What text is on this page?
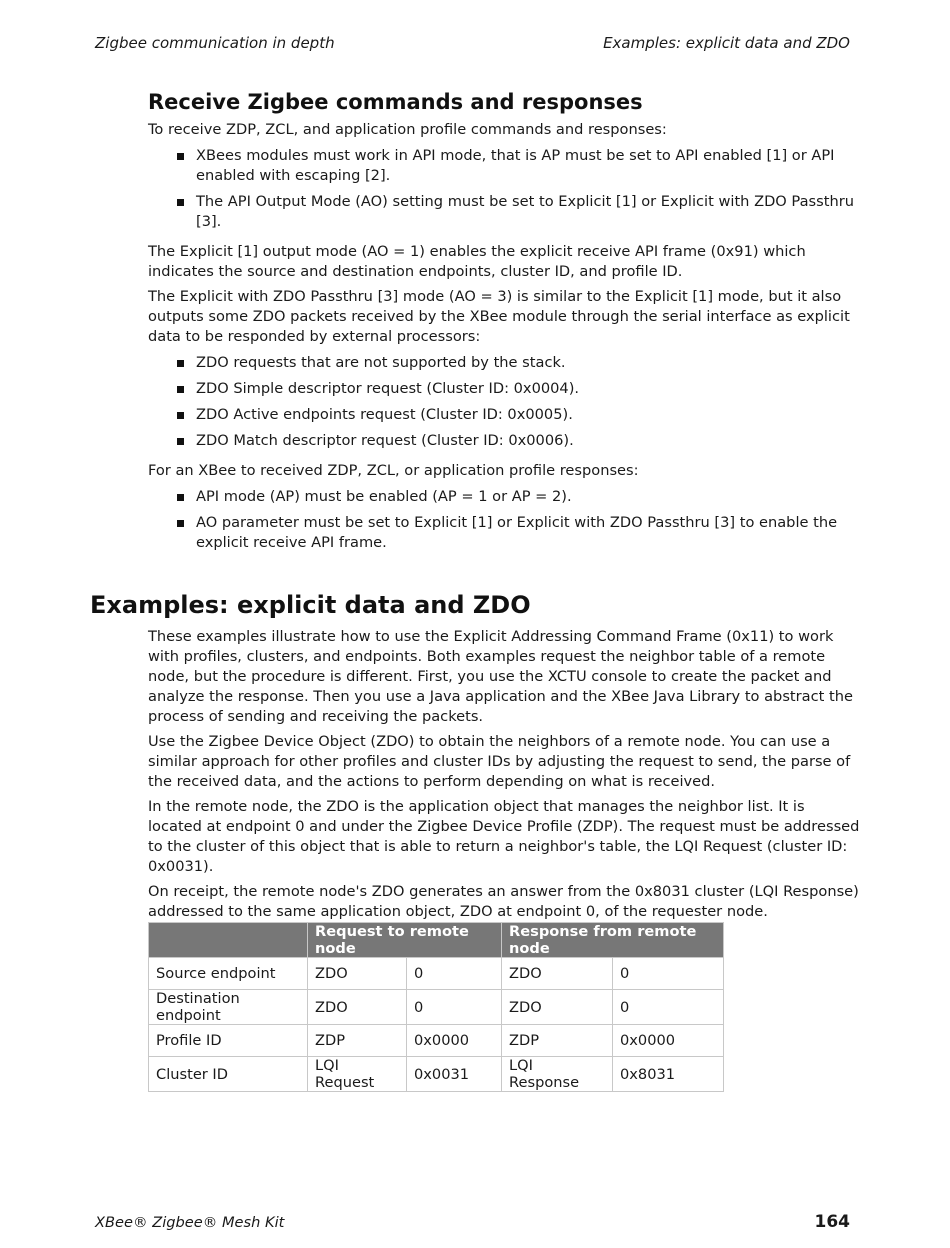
Zigbee communication in depth	Examples: explicit data and ZDO
Receive Zigbee commands and responses

To receive ZDP, ZCL, and application profile commands and responses:

XBees modules must work in API mode, that is AP must be set to API enabled [1] or API enabled with escaping [2].
The API Output Mode (AO) setting must be set to Explicit [1] or Explicit with ZDO Passthru [3].

The Explicit [1] output mode (AO = 1) enables the explicit receive API frame (0x91) which indicates the source and destination endpoints, cluster ID, and profile ID.

The Explicit with ZDO Passthru [3] mode (AO = 3) is similar to the Explicit [1] mode, but it also outputs some ZDO packets received by the XBee module through the serial interface as explicit data to be responded by external processors:

ZDO requests that are not supported by the stack.
ZDO Simple descriptor request (Cluster ID: 0x0004).
ZDO Active endpoints request (Cluster ID: 0x0005).
ZDO Match descriptor request (Cluster ID: 0x0006).

For an XBee to received ZDP, ZCL, or application profile responses:

API mode (AP) must be enabled (AP = 1 or AP = 2).
AO parameter must be set to Explicit [1] or Explicit with ZDO Passthru [3] to enable the explicit receive API frame.
Examples: explicit data and ZDO

These examples illustrate how to use the Explicit Addressing Command Frame (0x11) to work with profiles, clusters, and endpoints. Both examples request the neighbor table of a remote node, but the procedure is different. First, you use the XCTU console to create the packet and analyze the response. Then you use a Java application and the XBee Java Library to abstract the process of sending and receiving the packets.

Use the Zigbee Device Object (ZDO) to obtain the neighbors of a remote node. You can use a similar approach for other profiles and cluster IDs by adjusting the request to send, the parse of the received data, and the actions to perform depending on what is received.

In the remote node, the ZDO is the application object that manages the neighbor list. It is located at endpoint 0 and under the Zigbee Device Profile (ZDP). The request must be addressed to the cluster of this object that is able to return a neighbor's table, the LQI Request (cluster ID: 0x0031).

On receipt, the remote node's ZDO generates an answer from the 0x8031 cluster (LQI Response) addressed to the same application object, ZDO at endpoint 0, of the requester node.

	Request to remote node		Response from remote node	
Source endpoint	ZDO	0	ZDO	0
Destination endpoint	ZDO	0	ZDO	0
Profile ID	ZDP	0x0000	ZDP	0x0000
Cluster ID	LQI Request	0x0031	LQI Response	0x8031
XBee® Zigbee® Mesh Kit	164
